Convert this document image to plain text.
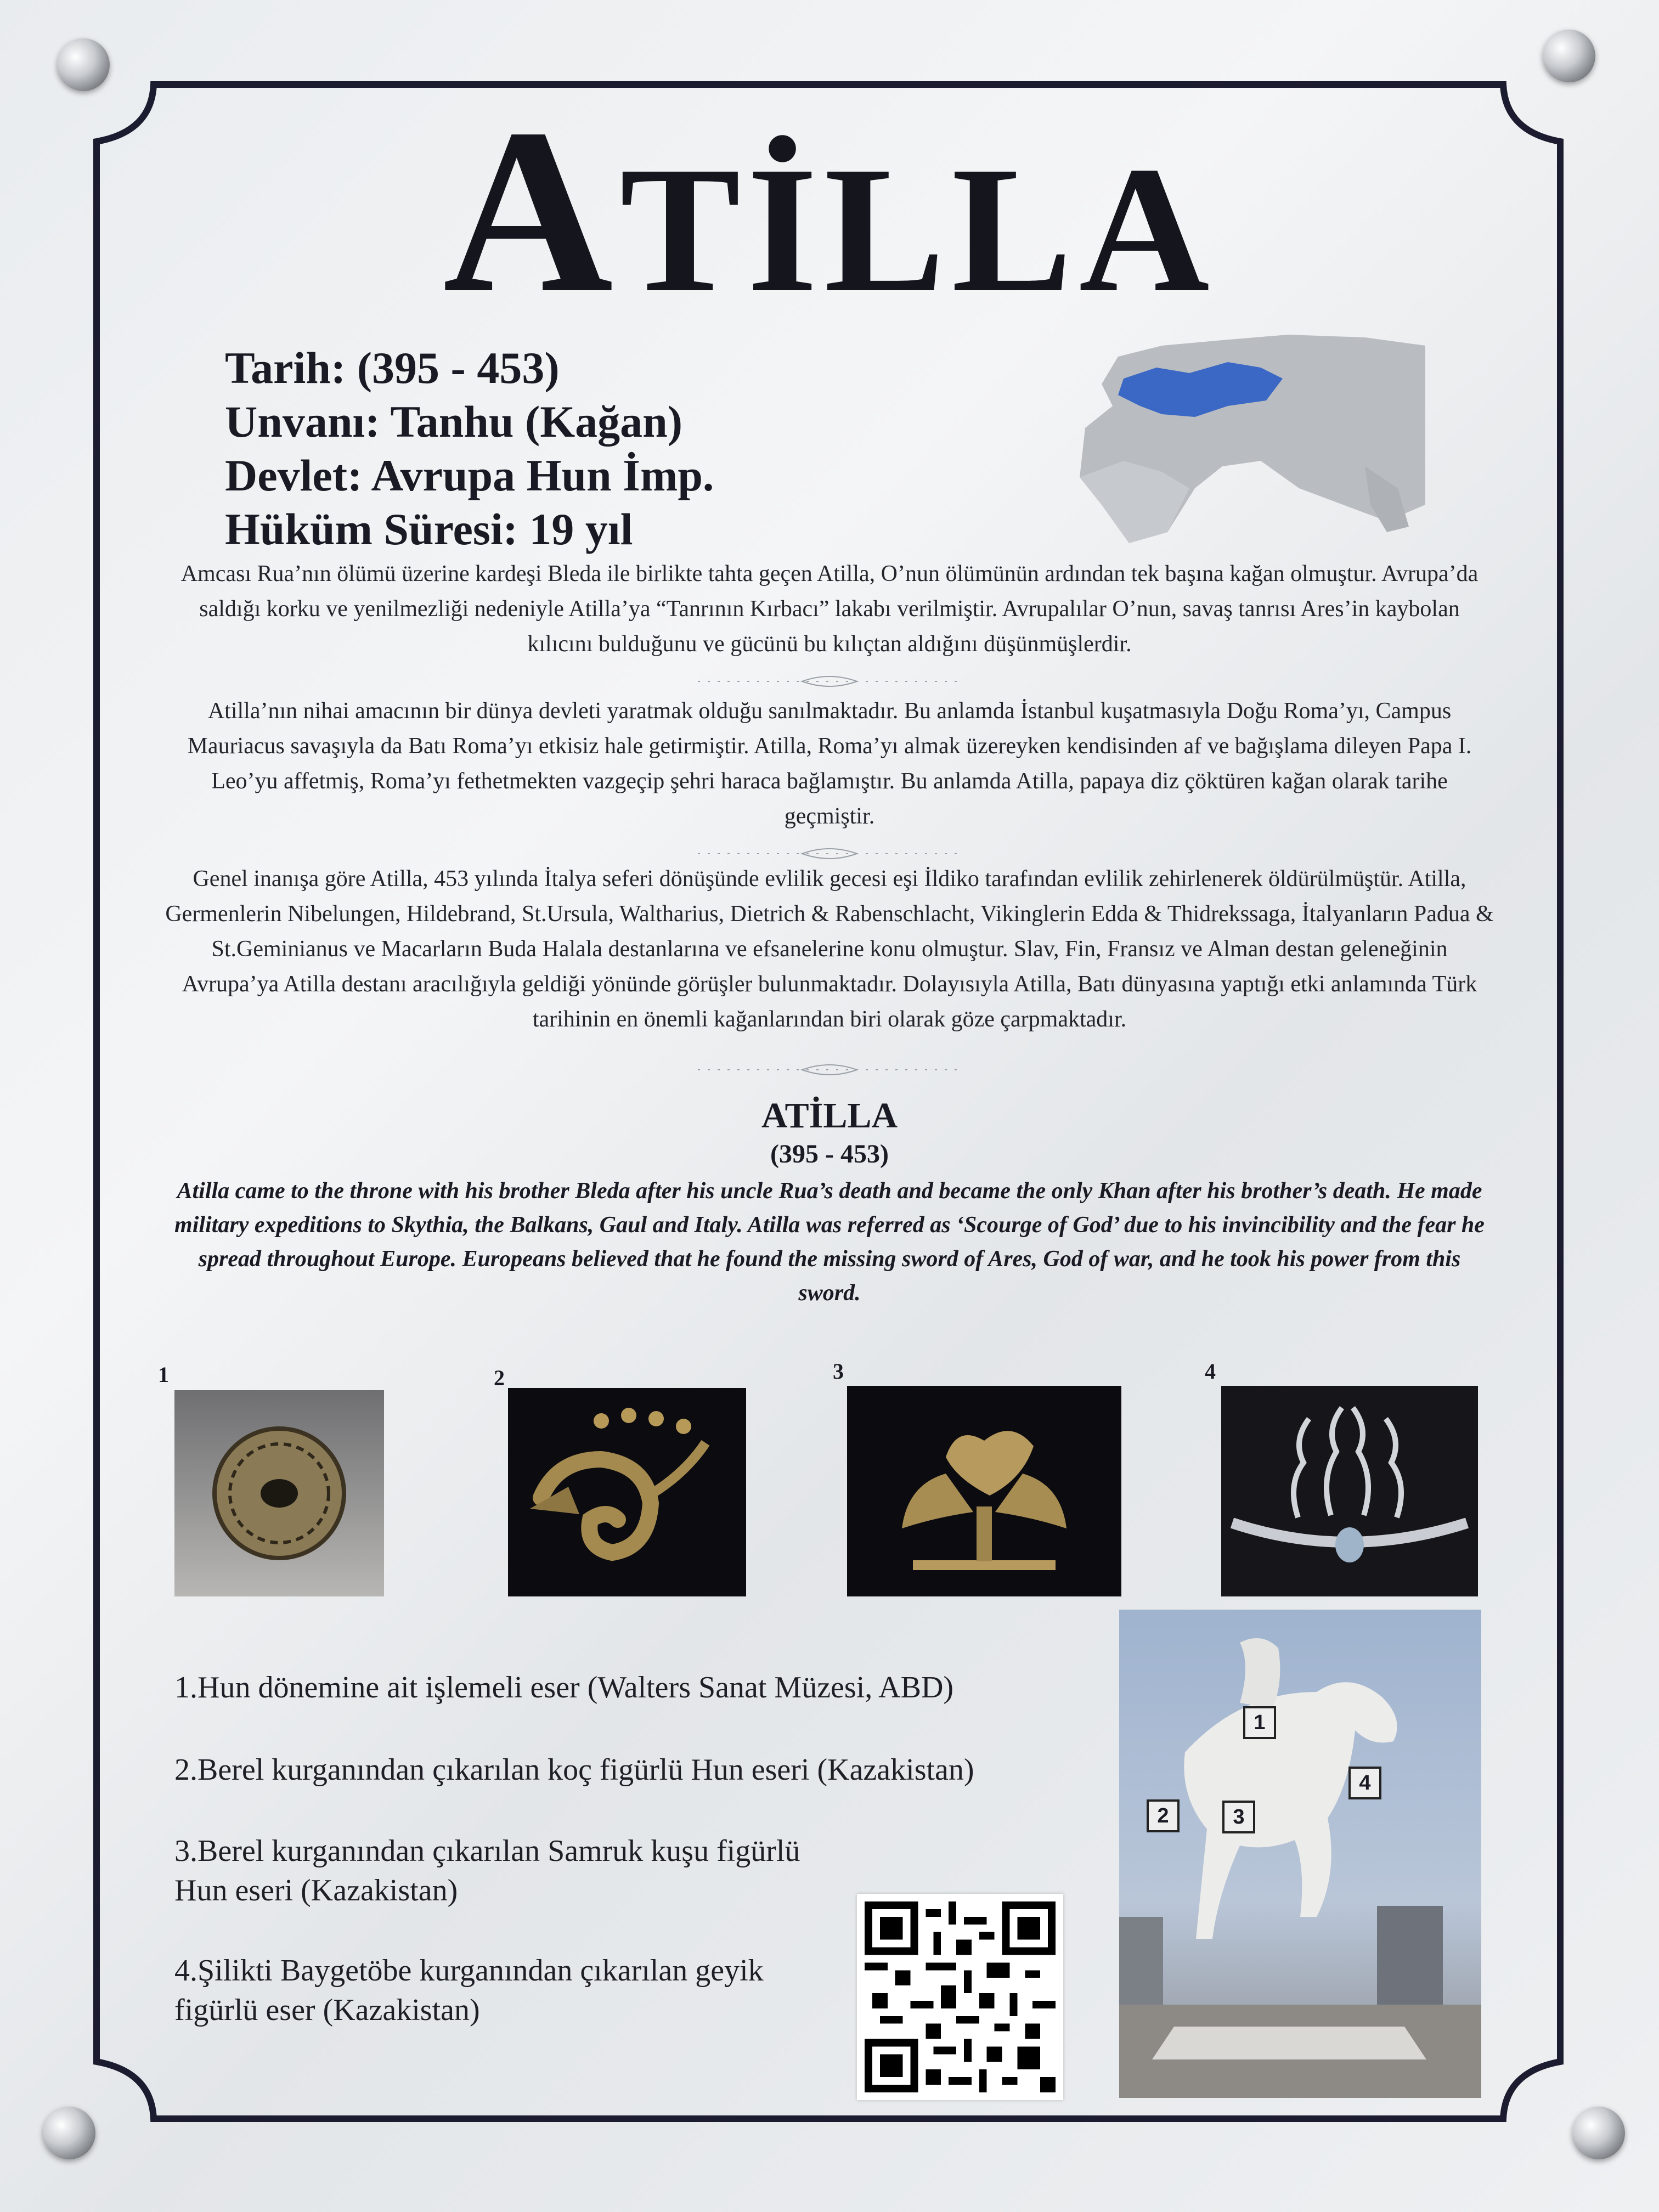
ATİLLA
Tarih: (395 - 453)
Unvanı: Tanhu (Kağan)
Devlet: Avrupa Hun İmp.
Hüküm Süresi: 19 yıl
Amcası Rua’nın ölümü üzerine kardeşi Bleda ile birlikte tahta geçen Atilla, O’nun ölümünün ardından tek başına kağan olmuştur. Avrupa’da saldığı korku ve yenilmezliği nedeniyle Atilla’ya “Tanrının Kırbacı” lakabı verilmiştir. Avrupalılar O’nun, savaş tanrısı Ares’in kaybolan kılıcını bulduğunu ve gücünü bu kılıçtan aldığını düşünmüşlerdir.
Atilla’nın nihai amacının bir dünya devleti yaratmak olduğu sanılmaktadır. Bu anlamda İstanbul kuşatmasıyla Doğu Roma’yı, Campus Mauriacus savaşıyla da Batı Roma’yı etkisiz hale getirmiştir. Atilla, Roma’yı almak üzereyken kendisinden af ve bağışlama dileyen Papa I. Leo’yu affetmiş, Roma’yı fethetmekten vazgeçip şehri haraca bağlamıştır. Bu anlamda Atilla, papaya diz çöktüren kağan olarak tarihe geçmiştir.
Genel inanışa göre Atilla, 453 yılında İtalya seferi dönüşünde evlilik gecesi eşi İldiko tarafından evlilik zehirlenerek öldürülmüştür. Atilla, Germenlerin Nibelungen, Hildebrand, St.Ursula, Waltharius, Dietrich & Rabenschlacht, Vikinglerin Edda & Thidrekssaga, İtalyanların Padua & St.Geminianus ve Macarların Buda Halala destanlarına ve efsanelerine konu olmuştur. Slav, Fin, Fransız ve Alman destan geleneğinin Avrupa’ya Atilla destanı aracılığıyla geldiği yönünde görüşler bulunmaktadır. Dolayısıyla Atilla, Batı dünyasına yaptığı etki anlamında Türk tarihinin en önemli kağanlarından biri olarak göze çarpmaktadır.
ATİLLA
(395 - 453)
Atilla came to the throne with his brother Bleda after his uncle Rua’s death and became the only Khan after his brother’s death. He made military expeditions to Skythia, the Balkans, Gaul and Italy. Atilla was referred as ‘Scourge of God’ due to his invincibility and the fear he spread throughout Europe. Europeans believed that he found the missing sword of Ares, God of war, and he took his power from this sword.
1	2	3	4
1.Hun dönemine ait işlemeli eser (Walters Sanat Müzesi, ABD)
2.Berel kurganından çıkarılan koç figürlü Hun eseri (Kazakistan)
3.Berel kurganından çıkarılan Samruk kuşu figürlü
Hun eseri (Kazakistan)
4.Şilikti Baygetöbe kurganından çıkarılan geyik
figürlü eser (Kazakistan)
1
2	3
4
